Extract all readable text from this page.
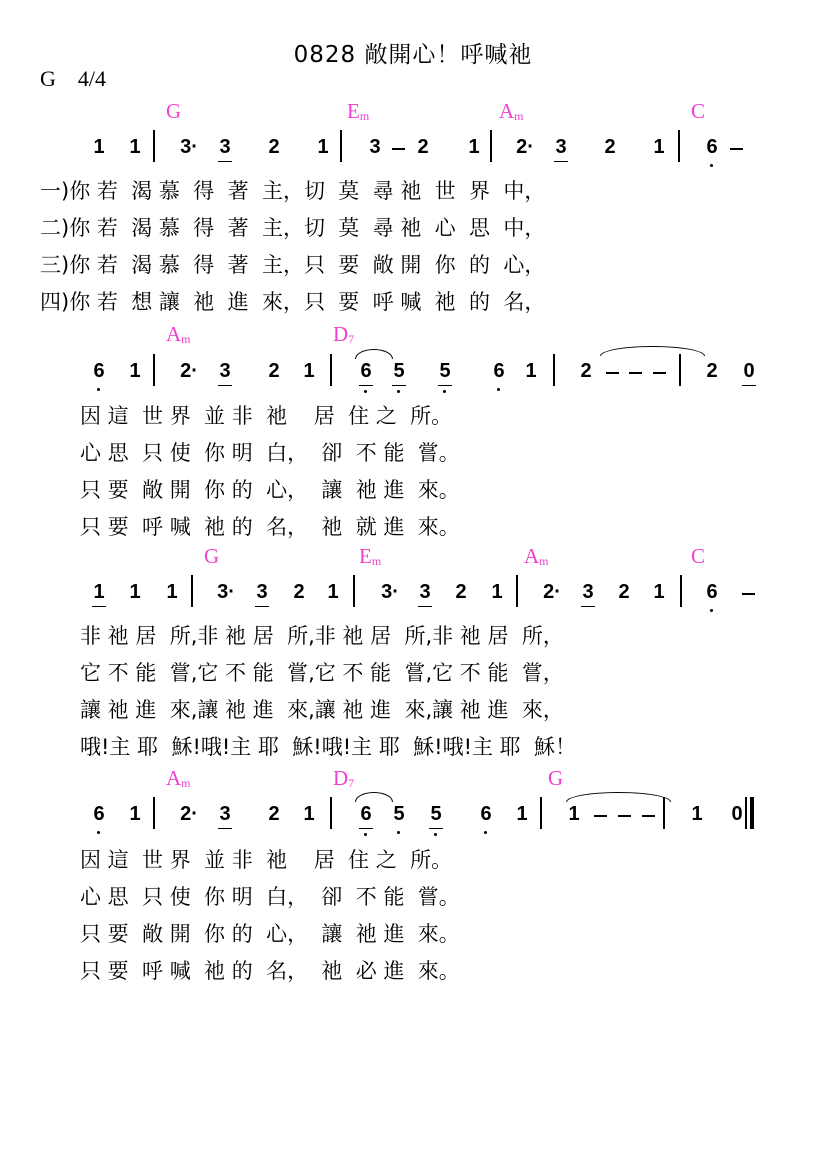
0828 敞開心！呼喊祂
G 4/4
G	$E_m$	$A_m$	C
1 1 3· 3 2 1 3 2 1 2· 3 2 1 6
一)你 若  渴 慕  得  著  主，切  莫  尋 祂  世  界  中，
二)你 若  渴 慕  得  著  主，切  莫  尋 祂  心  思  中，
三)你 若  渴 慕  得  著  主，只  要  敞 開  你  的  心，
四)你 若  想 讓  祂  進  來，只  要  呼 喊  祂  的  名，
$A_m$	$D_7$
6 1 2· 3 2 1 6 5 5 6 1 2	2 0
因 這  世 界  並 非  祂    居  住 之  所。
心 思  只 使  你 明  白，  卻  不 能  嘗。
只 要  敞 開  你 的  心，  讓  祂 進  來。
只 要  呼 喊  祂 的  名，  祂  就 進  來。
G	$E_m$	$A_m$	C
1 1 1 3· 3 2 1 3· 3 2 1 2· 3 2 1 6
非 祂 居  所,非 祂 居  所,非 祂 居  所,非 祂 居  所，
它 不 能  嘗,它 不 能  嘗,它 不 能  嘗,它 不 能  嘗，
讓 祂 進  來,讓 祂 進  來,讓 祂 進  來,讓 祂 進  來，
哦!主 耶  穌!哦!主 耶  穌!哦!主 耶  穌!哦!主 耶  穌！
$A_m$	$D_7$	G
6 1 2· 3 2 1 6 5 5 6 1 1	1 0
因 這  世 界  並 非  祂    居  住 之  所。
心 思  只 使  你 明  白，  卻  不 能  嘗。
只 要  敞 開  你 的  心，  讓  祂 進  來。
只 要  呼 喊  祂 的  名，  祂  必 進  來。
